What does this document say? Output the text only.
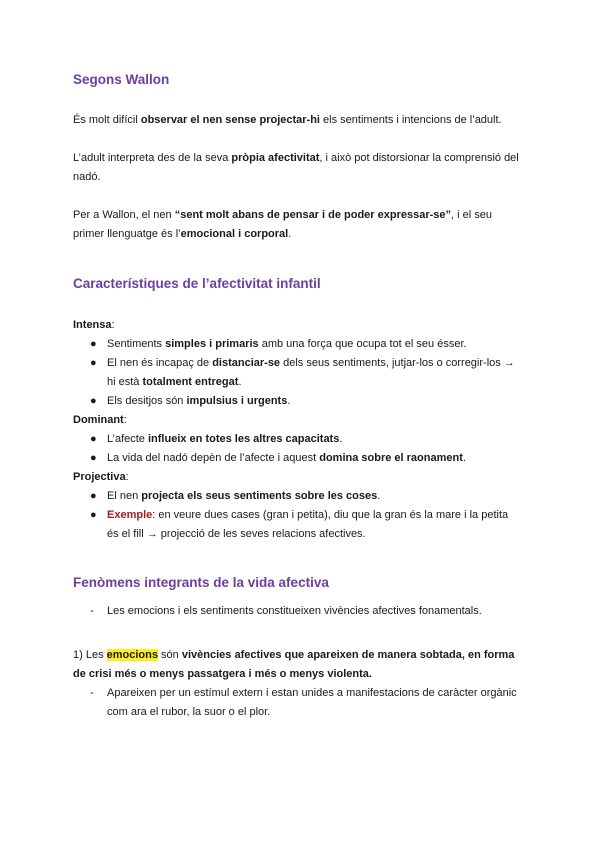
Segons Wallon

És molt difícil observar el nen sense projectar-hi els sentiments i intencions de l’adult.

L’adult interpreta des de la seva pròpia afectivitat, i això pot distorsionar la comprensió del
nadó.

Per a Wallon, el nen “sent molt abans de pensar i de poder expressar-se”, i el seu
primer llenguatge és l’emocional i corporal.

Característiques de l’afectivitat infantil
Intensa:
● Sentiments simples i primaris amb una força que ocupa tot el seu ésser.
● El nen és incapaç de distanciar-se dels seus sentiments, jutjar-los o corregir-los →
hi està totalment entregat.
● Els desitjos són impulsius i urgents.
Dominant:
● L’afecte influeix en totes les altres capacitats.
● La vida del nadó depèn de l’afecte i aquest domina sobre el raonament.
Projectiva:
● El nen projecta els seus sentiments sobre les coses.
● Exemple: en veure dues cases (gran i petita), diu que la gran és la mare i la petita
és el fill → projecció de les seves relacions afectives.
Fenòmens integrants de la vida afectiva
- Les emocions i els sentiments constitueixen vivències afectives fonamentals.

1) Les emocions són vivències afectives que apareixen de manera sobtada, en forma
de crisi més o menys passatgera i més o menys violenta.

- Apareixen per un estímul extern i estan unides a manifestacions de caràcter orgànic
com ara el rubor, la suor o el plor.
